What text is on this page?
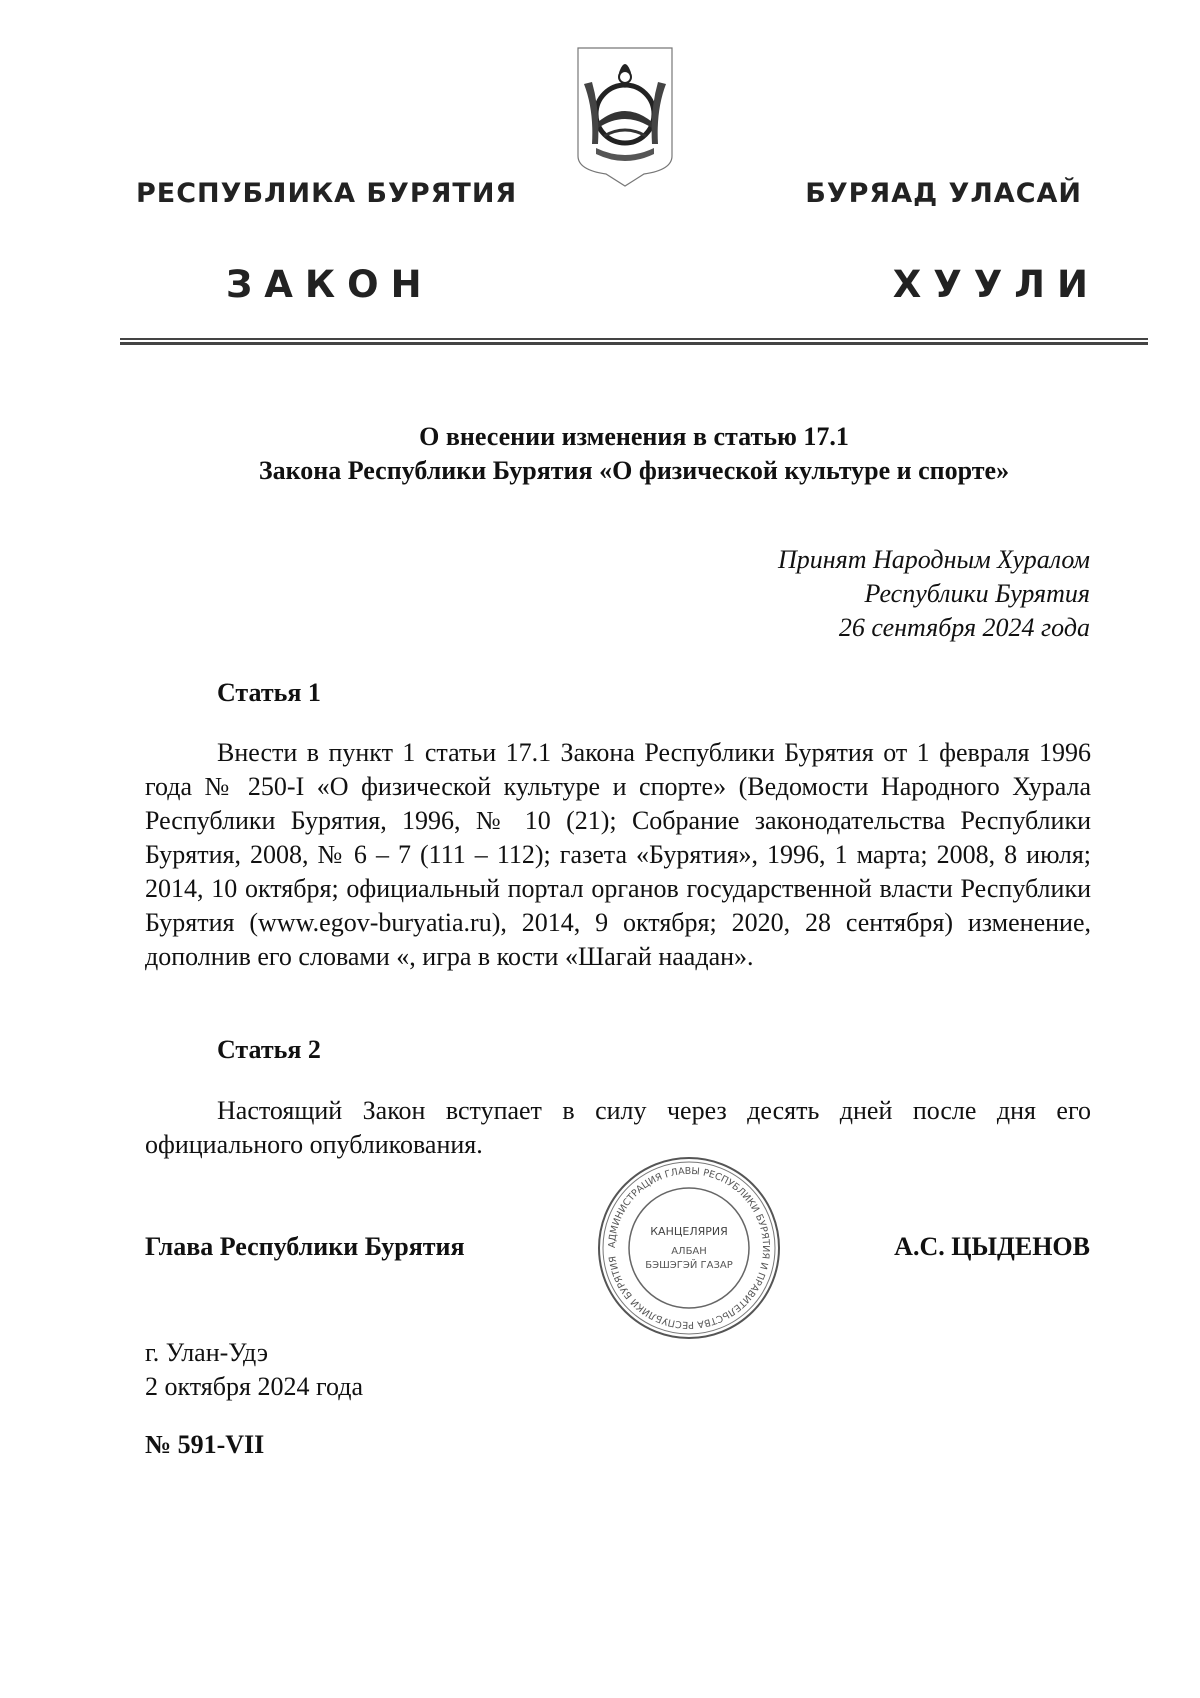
РЕСПУБЛИКА БУРЯТИЯ	БУРЯАД УЛАСАЙ
ЗАКОН	ХУУЛИ
О внесении изменения в статью 17.1
Закона Республики Бурятия «О физической культуре и спорте»
Принят Народным Хуралом
Республики Бурятия
26 сентября 2024 года
Статья 1

Внести в пункт 1 статьи 17.1 Закона Республики Бурятия от 1 февраля 1996 года № 250-I «О физической культуре и спорте» (Ведомости Народного Хурала Республики Бурятия, 1996, № 10 (21); Собрание законодательства Республики Бурятия, 2008, № 6 – 7 (111 – 112); газета «Бурятия», 1996, 1 марта; 2008, 8 июля; 2014, 10 октября; официальный портал органов государственной власти Республики Бурятия (www.egov-buryatia.ru), 2014, 9 октября; 2020, 28 сентября) изменение, дополнив его словами «, игра в кости «Шагай наадан».

Статья 2

Настоящий Закон вступает в силу через десять дней после дня его официального опубликования.

Глава Республики Бурятия	А.С. ЦЫДЕНОВ
АДМИНИСТРАЦИЯ ГЛАВЫ РЕСПУБЛИКИ БУРЯТИЯ И ПРАВИТЕЛЬСТВА РЕСПУБЛИКИ БУРЯТИЯ
КАНЦЕЛЯРИЯ
АЛБАН
БЭШЭГЭЙ ГАЗАР
г. Улан-Удэ
2 октября 2024 года
№ 591-VII
